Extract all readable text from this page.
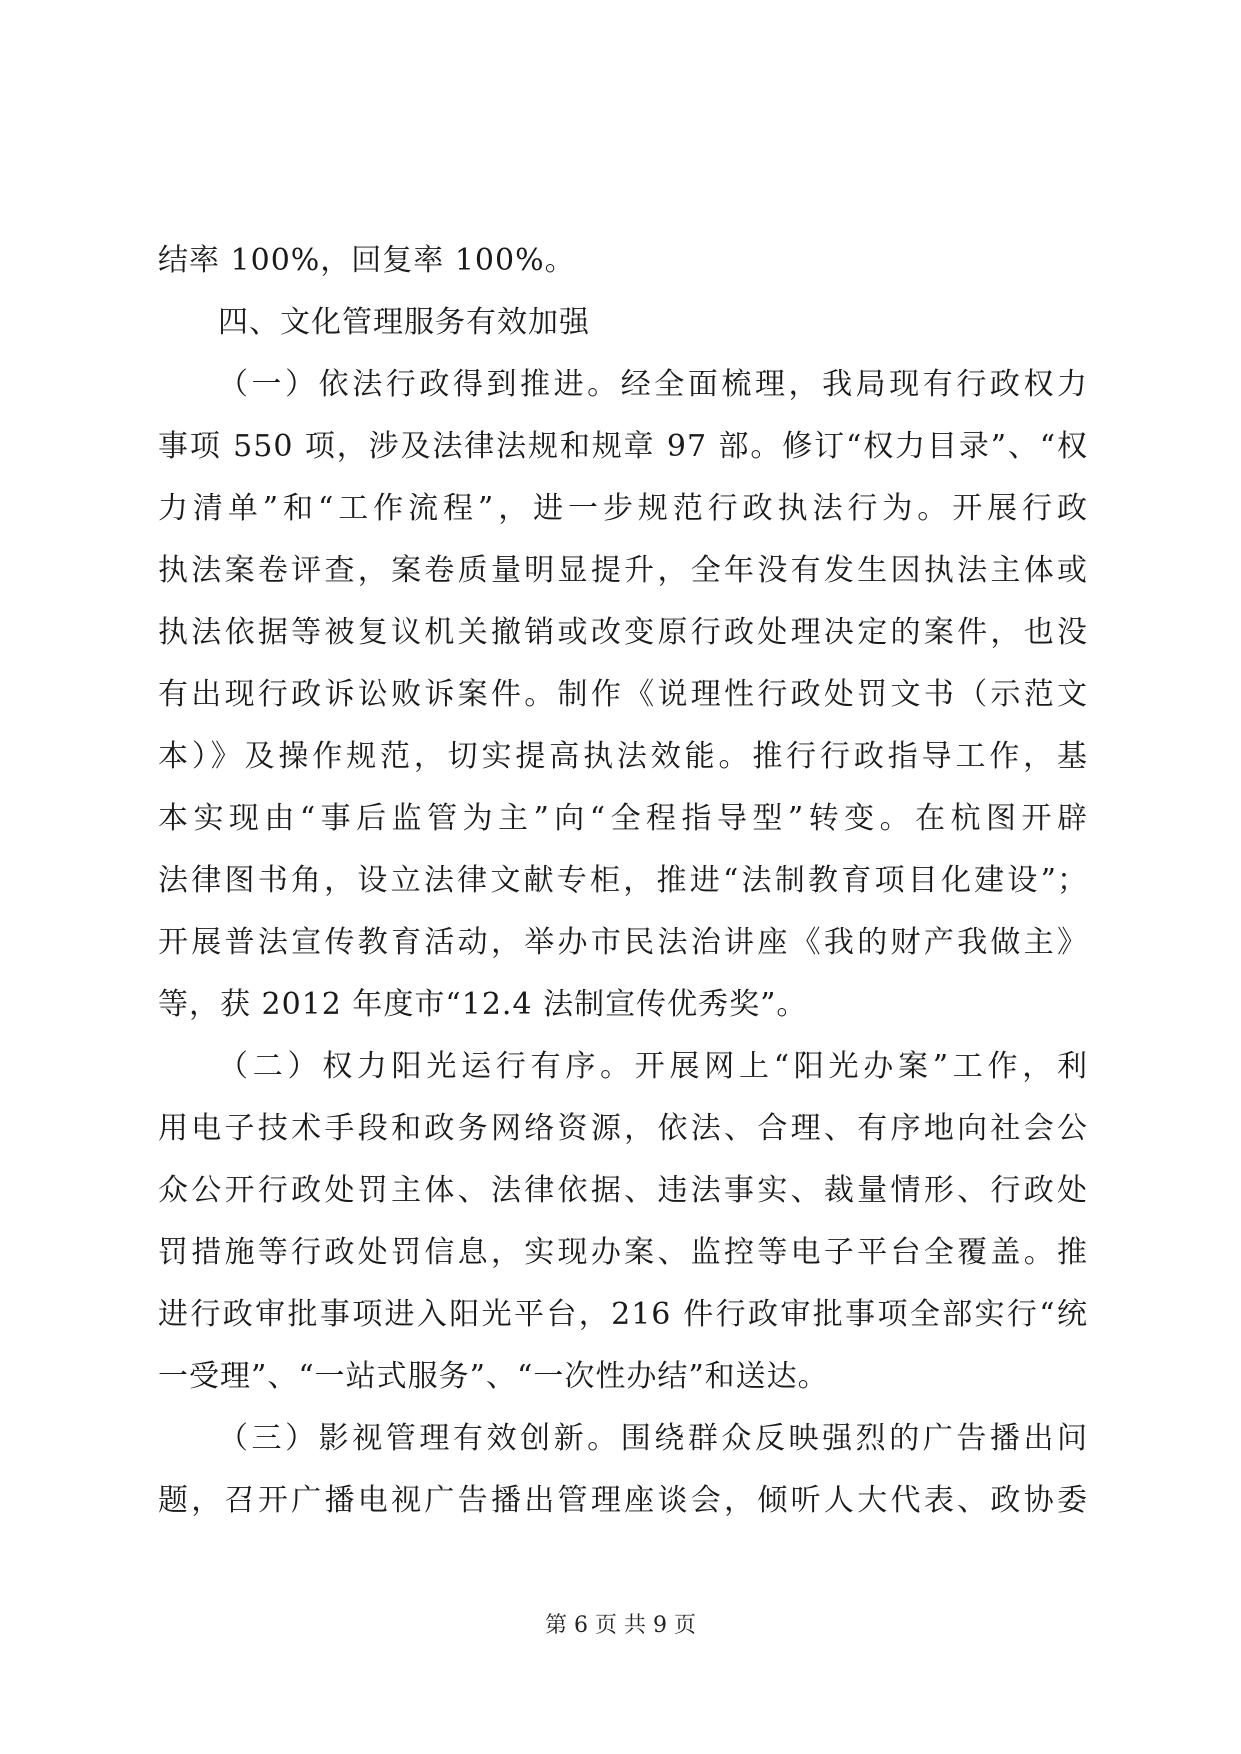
结率 100%，回复率 100%。
四、文化管理服务有效加强
（一）依法行政得到推进。经全面梳理，我局现有行政权力
事项 550 项，涉及法律法规和规章 97 部。修订“权力目录”、“权
力清单”和“工作流程”，进一步规范行政执法行为。开展行政
执法案卷评查，案卷质量明显提升，全年没有发生因执法主体或
执法依据等被复议机关撤销或改变原行政处理决定的案件，也没
有出现行政诉讼败诉案件。制作《说理性行政处罚文书（示范文
本）》及操作规范，切实提高执法效能。推行行政指导工作，基
本实现由“事后监管为主”向“全程指导型”转变。在杭图开辟
法律图书角，设立法律文献专柜，推进“法制教育项目化建设”；
开展普法宣传教育活动，举办市民法治讲座《我的财产我做主》
等，获 2012 年度市“12.4 法制宣传优秀奖”。
（二）权力阳光运行有序。开展网上“阳光办案”工作，利
用电子技术手段和政务网络资源，依法、合理、有序地向社会公
众公开行政处罚主体、法律依据、违法事实、裁量情形、行政处
罚措施等行政处罚信息，实现办案、监控等电子平台全覆盖。推
进行政审批事项进入阳光平台，216 件行政审批事项全部实行“统
一受理”、“一站式服务”、“一次性办结”和送达。
（三）影视管理有效创新。围绕群众反映强烈的广告播出问
题，召开广播电视广告播出管理座谈会，倾听人大代表、政协委
第 6 页 共 9 页
